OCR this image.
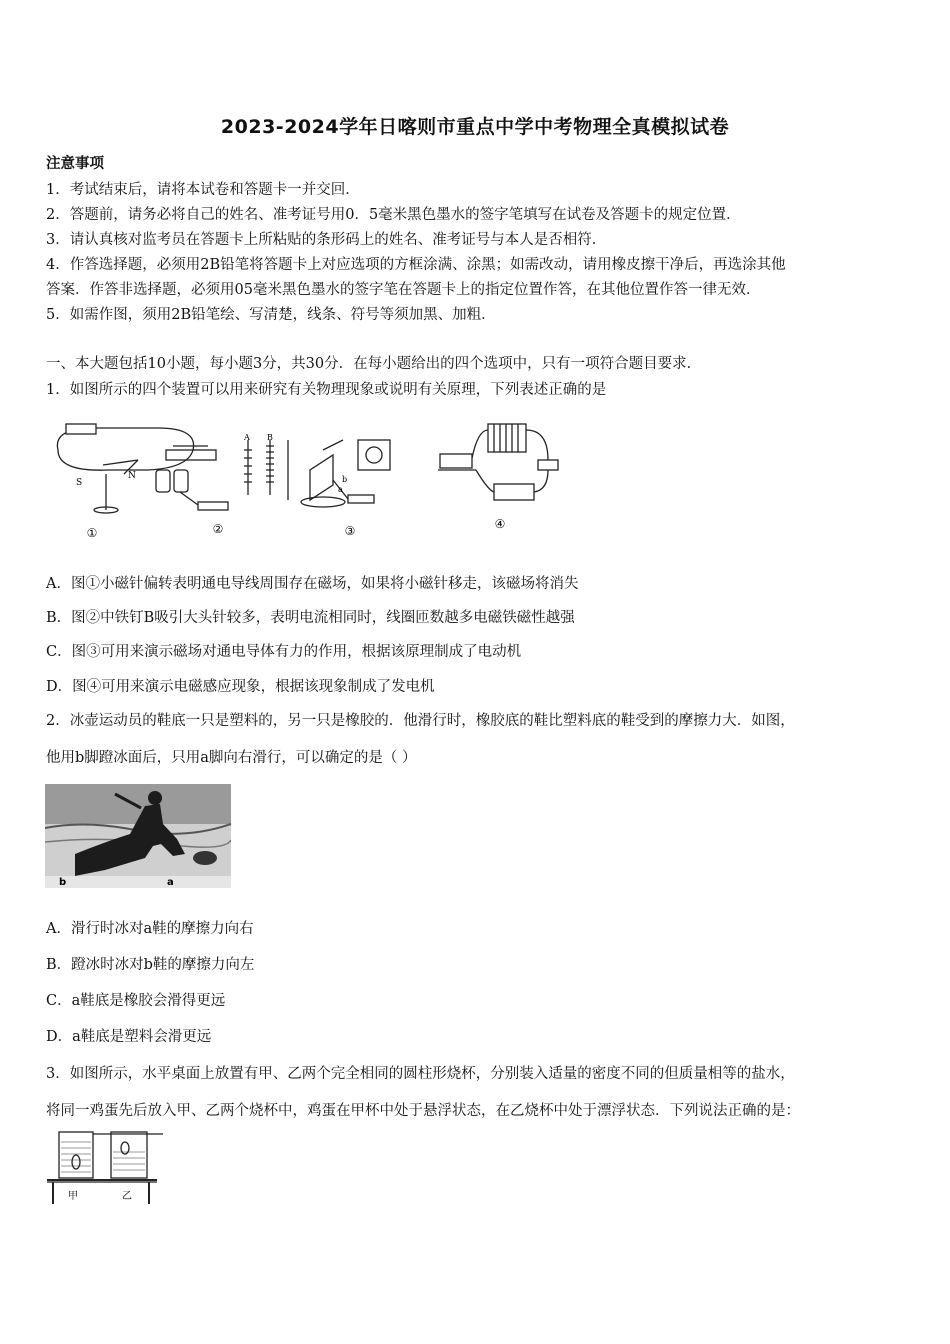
2023-2024学年日喀则市重点中学中考物理全真模拟试卷
注意事项
1．考试结束后，请将本试卷和答题卡一并交回．
2．答题前，请务必将自己的姓名、准考证号用0．5毫米黑色墨水的签字笔填写在试卷及答题卡的规定位置．
3．请认真核对监考员在答题卡上所粘贴的条形码上的姓名、准考证号与本人是否相符．
4．作答选择题，必须用2B铅笔将答题卡上对应选项的方框涂满、涂黑；如需改动，请用橡皮擦干净后，再选涂其他
答案．作答非选择题，必须用05毫米黑色墨水的签字笔在答题卡上的指定位置作答，在其他位置作答一律无效．
5．如需作图，须用2B铅笔绘、写清楚，线条、符号等须加黑、加粗．
一、本大题包括10小题，每小题3分，共30分．在每小题给出的四个选项中，只有一项符合题目要求．
1．如图所示的四个装置可以用来研究有关物理现象或说明有关原理，下列表述正确的是
S
N
A B
a
b
①	②	③	④
A．图①小磁针偏转表明通电导线周围存在磁场，如果将小磁针移走，该磁场将消失
B．图②中铁钉B吸引大头针较多，表明电流相同时，线圈匝数越多电磁铁磁性越强
C．图③可用来演示磁场对通电导体有力的作用，根据该原理制成了电动机
D．图④可用来演示电磁感应现象，根据该现象制成了发电机
2．冰壶运动员的鞋底一只是塑料的，另一只是橡胶的．他滑行时，橡胶底的鞋比塑料底的鞋受到的摩擦力大．如图，
他用b脚蹬冰面后，只用a脚向右滑行，可以确定的是（ ）
b	a
A．滑行时冰对a鞋的摩擦力向右
B．蹬冰时冰对b鞋的摩擦力向左
C．a鞋底是橡胶会滑得更远
D．a鞋底是塑料会滑更远
3．如图所示，水平桌面上放置有甲、乙两个完全相同的圆柱形烧杯，分别装入适量的密度不同的但质量相等的盐水，
将同一鸡蛋先后放入甲、乙两个烧杯中，鸡蛋在甲杯中处于悬浮状态，在乙烧杯中处于漂浮状态．下列说法正确的是：
甲	乙
